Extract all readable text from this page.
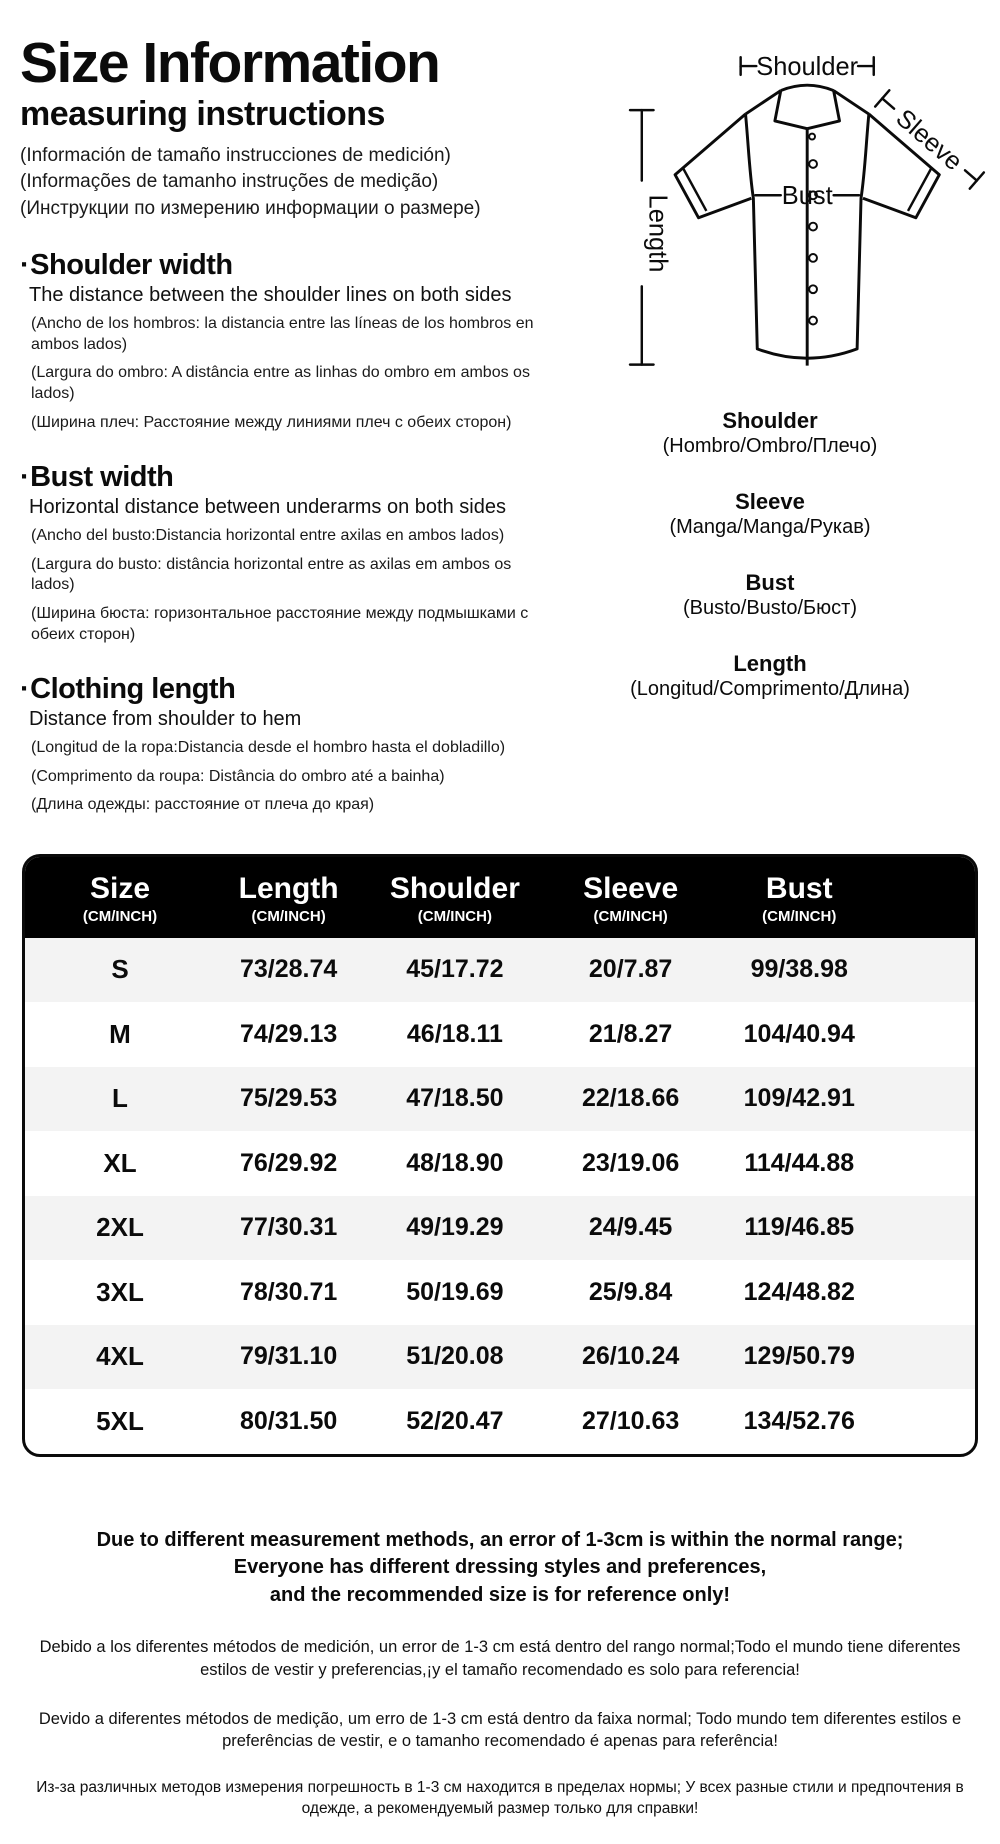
Size Information
measuring instructions
(Información de tamaño instrucciones de medición)
(Informações de tamanho instruções de medição)
(Инструкции по измерению информации о размере)
· Shoulder width
The distance between the shoulder lines on both sides
(Ancho de los hombros: la distancia entre las líneas de los hombros en ambos lados)
(Largura do ombro: A distância entre as linhas do ombro em ambos os lados)
(Ширина плеч: Расстояние между линиями плеч с обеих сторон)
· Bust width
Horizontal distance between underarms on both sides
(Ancho del busto:Distancia horizontal entre axilas en ambos lados)
(Largura do busto: distância horizontal entre as axilas em ambos os lados)
(Ширина бюста: горизонтальное расстояние между подмышками с обеих сторон)
· Clothing length
Distance from shoulder to hem
(Longitud de la ropa:Distancia desde el hombro hasta el dobladillo)
(Comprimento da roupa: Distância do ombro até a bainha)
(Длина одежды: расстояние от плеча до края)
Shoulder
Length
Sleeve
Bust
Shoulder
(Hombro/Ombro/Плечо)
Sleeve
(Manga/Manga/Рукав)
Bust
(Busto/Busto/Бюст)
Length
(Longitud/Comprimento/Длина)
Size
(CM/INCH)
Length
(CM/INCH)
Shoulder
(CM/INCH)
Sleeve
(CM/INCH)
Bust
(CM/INCH)
S	73/28.74	45/17.72	20/7.87	99/38.98
M	74/29.13	46/18.11	21/8.27	104/40.94
L	75/29.53	47/18.50	22/18.66	109/42.91
XL	76/29.92	48/18.90	23/19.06	114/44.88
2XL	77/30.31	49/19.29	24/9.45	119/46.85
3XL	78/30.71	50/19.69	25/9.84	124/48.82
4XL	79/31.10	51/20.08	26/10.24	129/50.79
5XL	80/31.50	52/20.47	27/10.63	134/52.76
Due to different measurement methods, an error of 1-3cm is within the normal range;
Everyone has different dressing styles and preferences,
and the recommended size is for reference only!
Debido a los diferentes métodos de medición, un error de 1-3 cm está dentro del rango normal;Todo el mundo tiene diferentes estilos de vestir y preferencias,¡y el tamaño recomendado es solo para referencia!
Devido a diferentes métodos de medição, um erro de 1-3 cm está dentro da faixa normal; Todo mundo tem diferentes estilos e preferências de vestir, e o tamanho recomendado é apenas para referência!
Из-за различных методов измерения погрешность в 1-3 см находится в пределах нормы; У всех разные стили и предпочтения в одежде, а рекомендуемый размер только для справки!
